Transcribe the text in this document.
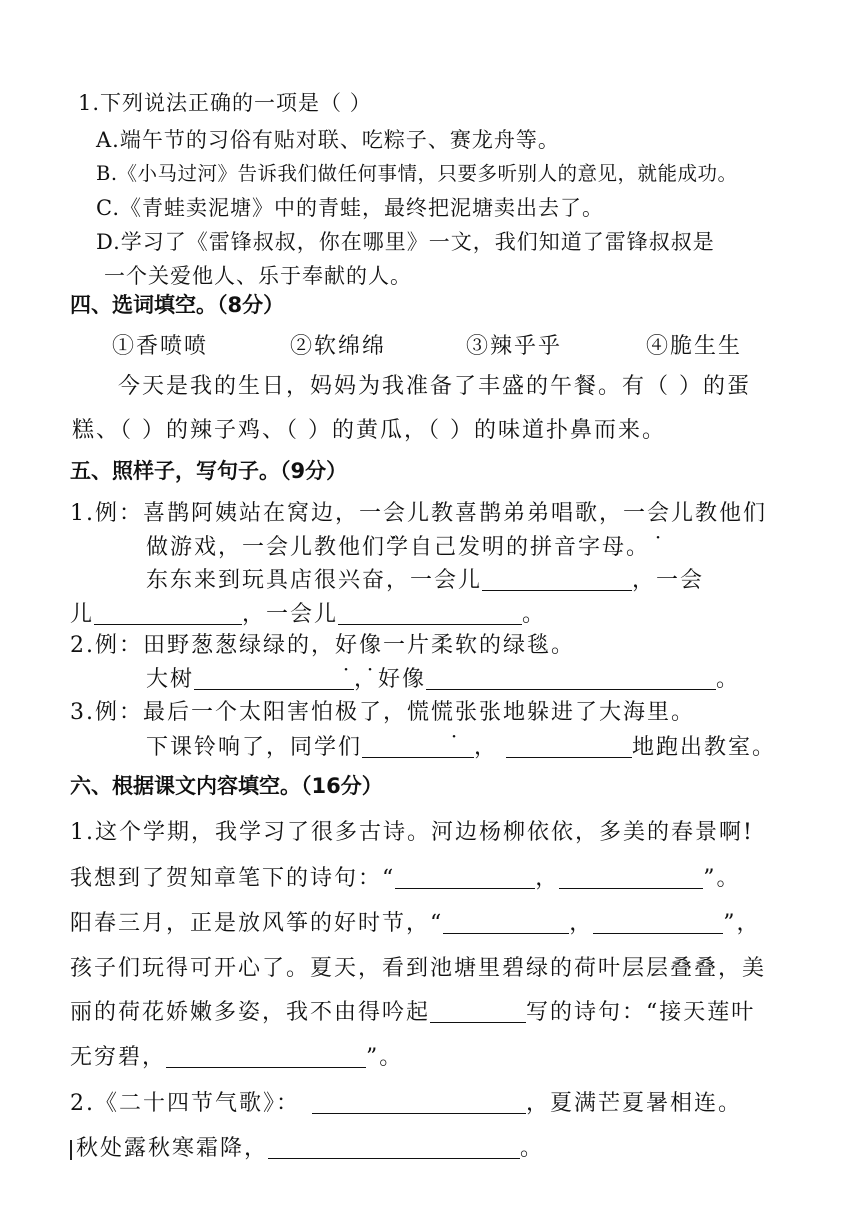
1.下列说法正确的一项是（ ）
A.端午节的习俗有贴对联、吃粽子、赛龙舟等。
B.《小马过河》告诉我们做任何事情，只要多听别人的意见，就能成功。
C.《青蛙卖泥塘》中的青蛙，最终把泥塘卖出去了。
D.学习了《雷锋叔叔，你在哪里》一文，我们知道了雷锋叔叔是
一个关爱他人、乐于奉献的人。
四、选词填空。（8分）
①香喷喷	②软绵绵	③辣乎乎	④脆生生
今天是我的生日，妈妈为我准备了丰盛的午餐。有（ ）的蛋
糕、（ ）的辣子鸡、（ ）的黄瓜，（ ）的味道扑鼻而来。
五、照样子，写句子。（9分）
1.例：喜鹊阿姨站在窝边，一会儿教喜鹊弟弟唱歌，一会儿教他们
做游戏，一会儿教他们学自己发明的拼音字母。
东东来到玩具店很兴奋，一会儿	，一会
儿	，一会儿	。
2.例：田野葱葱绿绿的，好像一片柔软的绿毯。
大树	，好像	。
3.例：最后一个太阳害怕极了，慌慌张张地躲进了大海里。
下课铃响了，同学们	，	地跑出教室。
六、根据课文内容填空。（16分）
1.这个学期，我学习了很多古诗。河边杨柳依依，多美的春景啊!
我想到了贺知章笔下的诗句：“	，	”。
阳春三月，正是放风筝的好时节，“	，	”，
孩子们玩得可开心了。夏天，看到池塘里碧绿的荷叶层层叠叠，美
丽的荷花娇嫩多姿，我不由得吟起	写的诗句：“接天莲叶
无穷碧，	”。
2.《二十四节气歌》：	，夏满芒夏暑相连。
秋处露秋寒霜降，	。
